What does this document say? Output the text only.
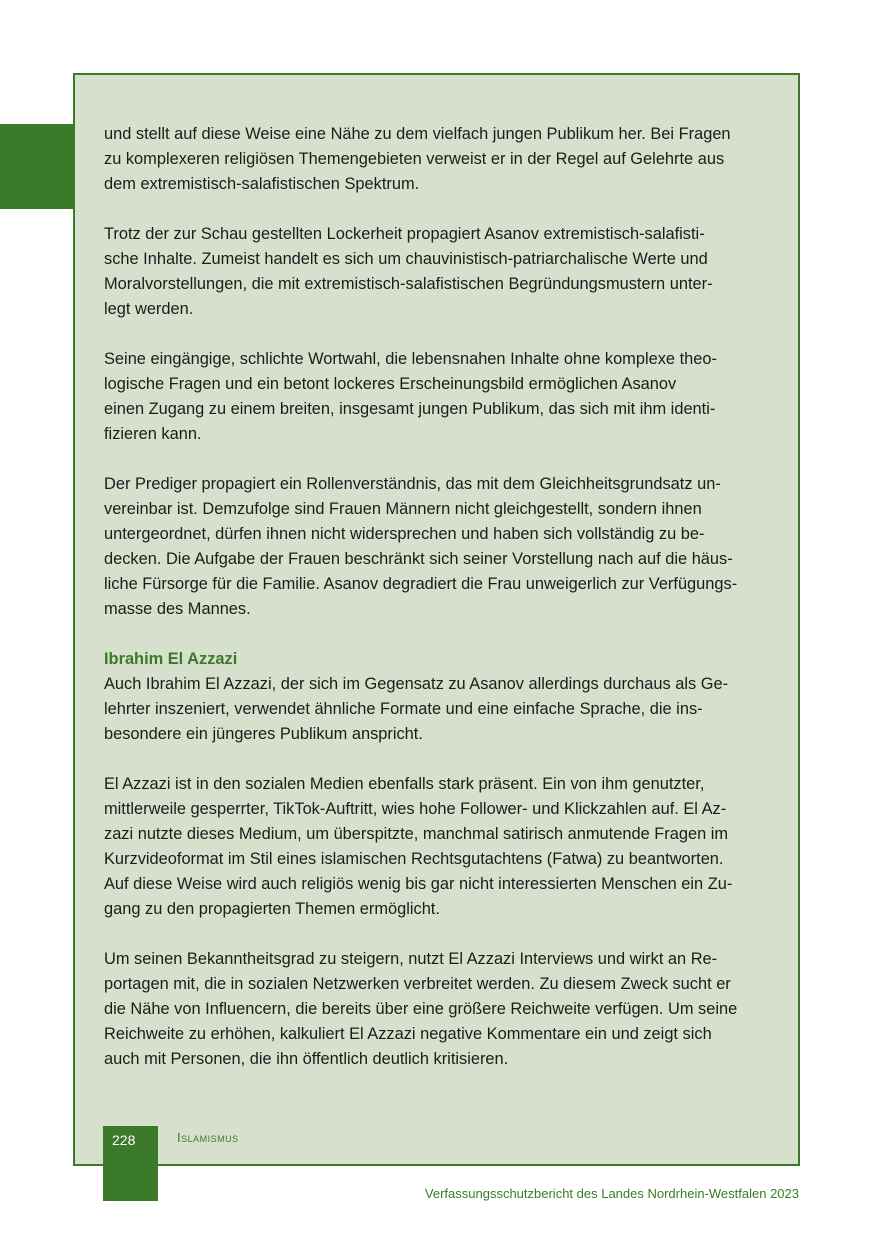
und stellt auf diese Weise eine Nähe zu dem vielfach jungen Publikum her. Bei Fragen
zu komplexeren religiösen Themengebieten verweist er in der Regel auf Gelehrte aus
dem extremistisch-salafistischen Spektrum.

Trotz der zur Schau gestellten Lockerheit propagiert Asanov extremistisch-salafisti-
sche Inhalte. Zumeist handelt es sich um chauvinistisch-patriarchalische Werte und
Moralvorstellungen, die mit extremistisch-salafistischen Begründungsmustern unter-
legt werden.

Seine eingängige, schlichte Wortwahl, die lebensnahen Inhalte ohne komplexe theo-
logische Fragen und ein betont lockeres Erscheinungsbild ermöglichen Asanov
einen Zugang zu einem breiten, insgesamt jungen Publikum, das sich mit ihm identi-
fizieren kann.

Der Prediger propagiert ein Rollenverständnis, das mit dem Gleichheitsgrundsatz un-
vereinbar ist. Demzufolge sind Frauen Männern nicht gleichgestellt, sondern ihnen
untergeordnet, dürfen ihnen nicht widersprechen und haben sich vollständig zu be-
decken. Die Aufgabe der Frauen beschränkt sich seiner Vorstellung nach auf die häus-
liche Fürsorge für die Familie. Asanov degradiert die Frau unweigerlich zur Verfügungs-
masse des Mannes.

Ibrahim El Azzazi

Auch Ibrahim El Azzazi, der sich im Gegensatz zu Asanov allerdings durchaus als Ge-
lehrter inszeniert, verwendet ähnliche Formate und eine einfache Sprache, die ins-
besondere ein jüngeres Publikum anspricht.

El Azzazi ist in den sozialen Medien ebenfalls stark präsent. Ein von ihm genutzter,
mittlerweile gesperrter, TikTok-Auftritt, wies hohe Follower- und Klickzahlen auf. El Az-
zazi nutzte dieses Medium, um überspitzte, manchmal satirisch anmutende Fragen im
Kurzvideoformat im Stil eines islamischen Rechtsgutachtens (Fatwa) zu beantworten.
Auf diese Weise wird auch religiös wenig bis gar nicht interessierten Menschen ein Zu-
gang zu den propagierten Themen ermöglicht.

Um seinen Bekanntheitsgrad zu steigern, nutzt El Azzazi Interviews und wirkt an Re-
portagen mit, die in sozialen Netzwerken verbreitet werden. Zu diesem Zweck sucht er
die Nähe von Influencern, die bereits über eine größere Reichweite verfügen. Um seine
Reichweite zu erhöhen, kalkuliert El Azzazi negative Kommentare ein und zeigt sich
auch mit Personen, die ihn öffentlich deutlich kritisieren.

228	Islamismus
Verfassungsschutzbericht des Landes Nordrhein-Westfalen 2023
